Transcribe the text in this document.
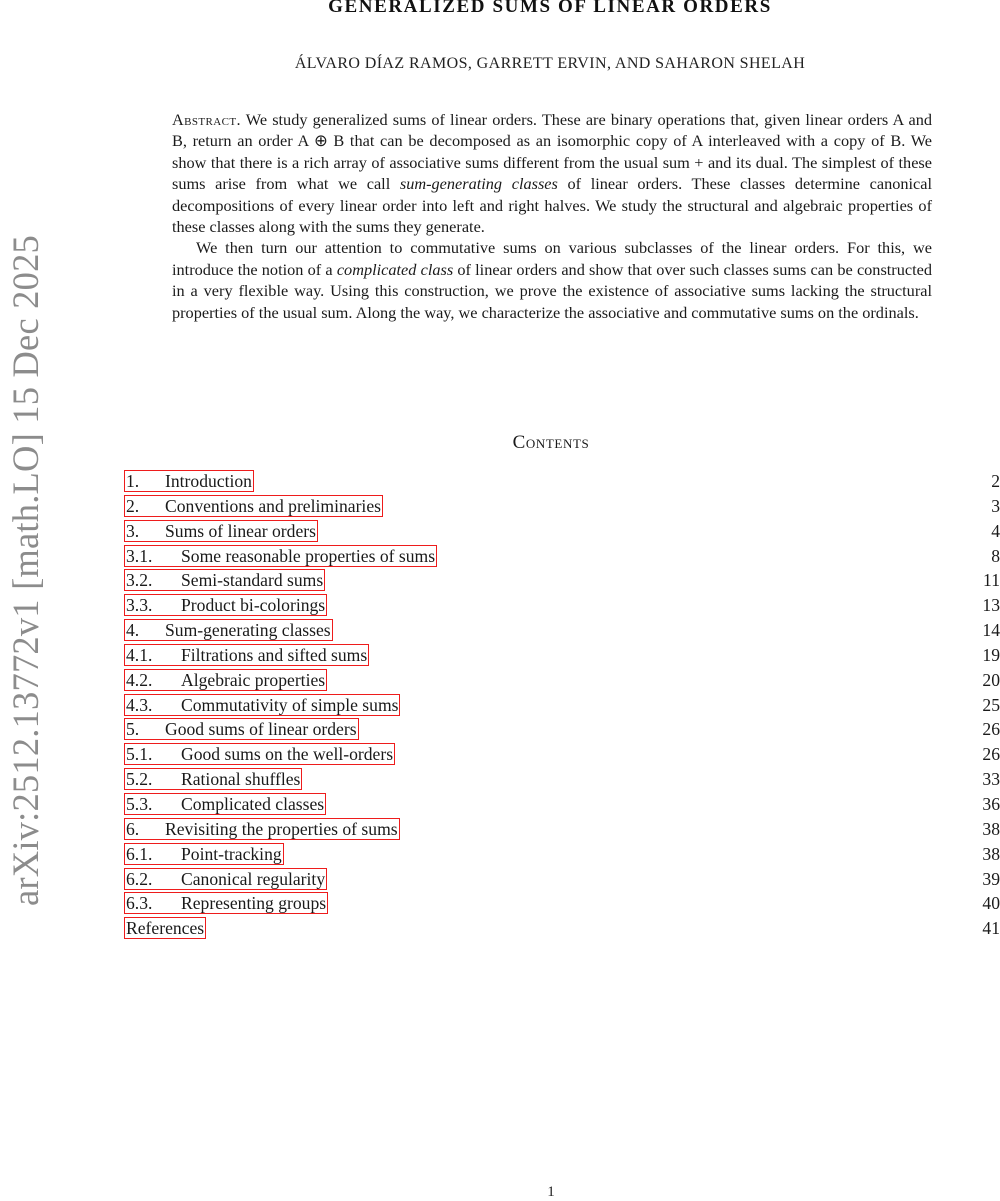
arXiv:2512.13772v1 [math.LO] 15 Dec 2025
GENERALIZED SUMS OF LINEAR ORDERS
ÁLVARO DÍAZ RAMOS, GARRETT ERVIN, AND SAHARON SHELAH

Abstract. We study generalized sums of linear orders. These are binary operations that, given linear orders A and B, return an order A ⊕ B that can be decomposed as an isomorphic copy of A interleaved with a copy of B. We show that there is a rich array of associative sums different from the usual sum + and its dual. The simplest of these sums arise from what we call sum-generating classes of linear orders. These classes determine canonical decompositions of every linear order into left and right halves. We study the structural and algebraic properties of these classes along with the sums they generate.

We then turn our attention to commutative sums on various subclasses of the linear orders. For this, we introduce the notion of a complicated class of linear orders and show that over such classes sums can be constructed in a very flexible way. Using this construction, we prove the existence of associative sums lacking the structural properties of the usual sum. Along the way, we characterize the associative and commutative sums on the ordinals.

Contents
1. Introduction	2
2. Conventions and preliminaries	3
3. Sums of linear orders	4
3.1. Some reasonable properties of sums	8
3.2. Semi-standard sums	11
3.3. Product bi-colorings	13
4. Sum-generating classes	14
4.1. Filtrations and sifted sums	19
4.2. Algebraic properties	20
4.3. Commutativity of simple sums	25
5. Good sums of linear orders	26
5.1. Good sums on the well-orders	26
5.2. Rational shuffles	33
5.3. Complicated classes	36
6. Revisiting the properties of sums	38
6.1. Point-tracking	38
6.2. Canonical regularity	39
6.3. Representing groups	40
References	41
1
